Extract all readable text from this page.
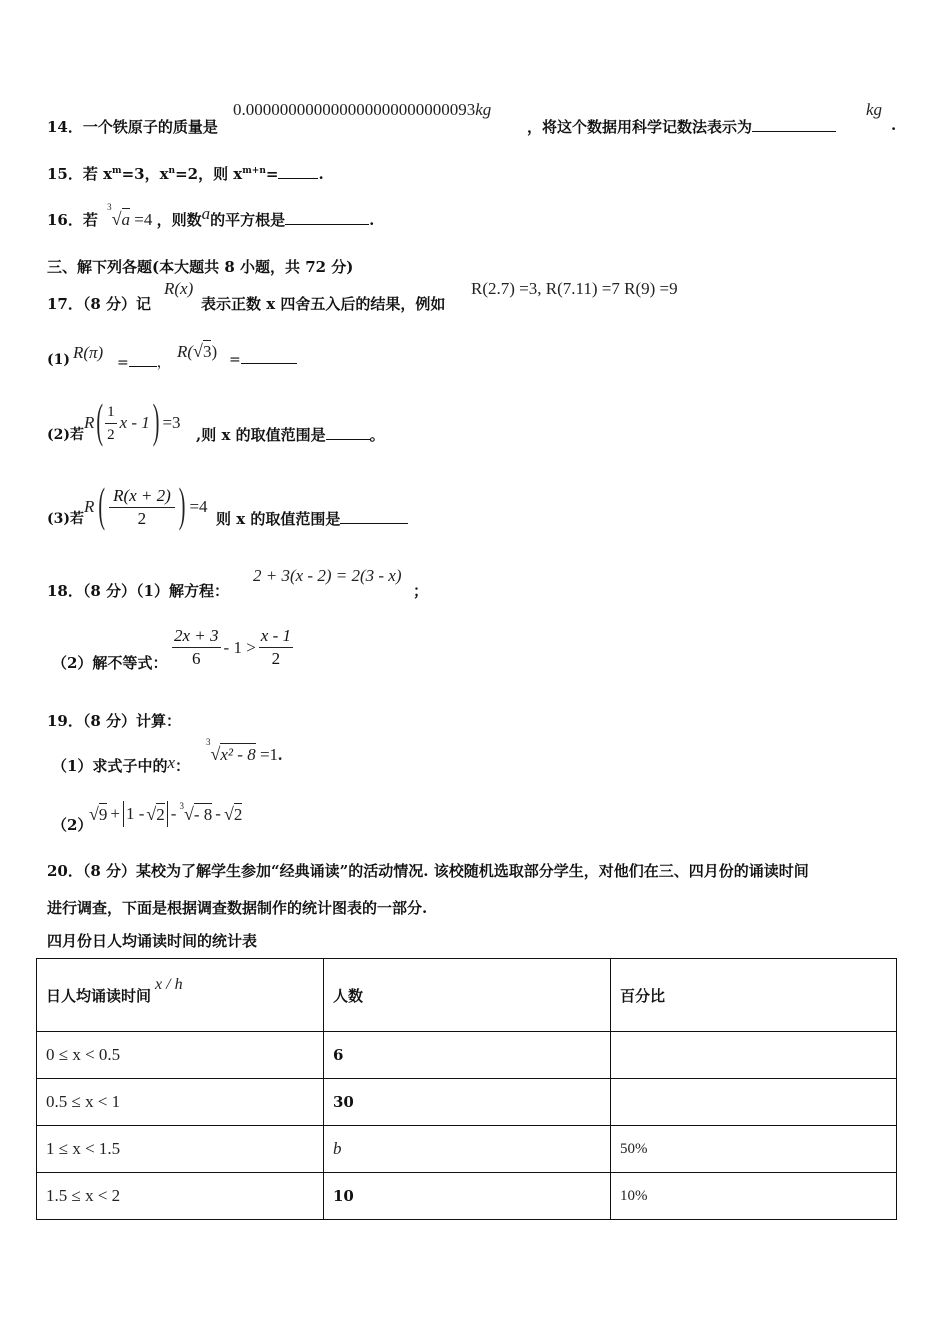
14．一个铁原子的质量是
0.000000000000000000000000093kg
，将这个数据用科学记数法表示为
kg
.
15．若 $x^m=3$，$x^n=2$，则 $x^{m+n}=$	.
16．若 $^3$√a =4 ，则数a的平方根是	.
三、解下列各题(本大题共 8 小题，共 72 分)
17．（8 分）记
R(x)
表示正数 x 四舍五入后的结果，例如
R(2.7) =3, R(7.11) =7 R(9) =9
(1) R(π)
= ，
R(√3) =
(2)若
R ( $\frac{1}{2}$ x - 1 ) =3
,则 x 的取值范围是	。
(3)若
R ( $\frac{R(x + 2)}{2}$ ) =4
则 x 的取值范围是
18．（8 分）（1）解方程：
2 + 3(x - 2) = 2(3 - x)
；
（2）解不等式： $\frac{2x + 3}{6} - 1 > \frac{x - 1}{2}$
19．（8 分）计算：
（1）求式子中的x：
$^3$√x² - 8 =1.
（2）
√ 9 + 1 - √ 2 - $^3$ √ - 8 - √ 2
20．（8 分）某校为了解学生参加“经典诵读”的活动情况. 该校随机选取部分学生，对他们在三、四月份的诵读时间
进行调查，下面是根据调查数据制作的统计图表的一部分.
四月份日人均诵读时间的统计表
日人均诵读时间x / h	人数	百分比
0 ≤ x < 0.5	6	
0.5 ≤ x < 1	30	
1 ≤ x < 1.5	b	50%
1.5 ≤ x < 2	10	10%
